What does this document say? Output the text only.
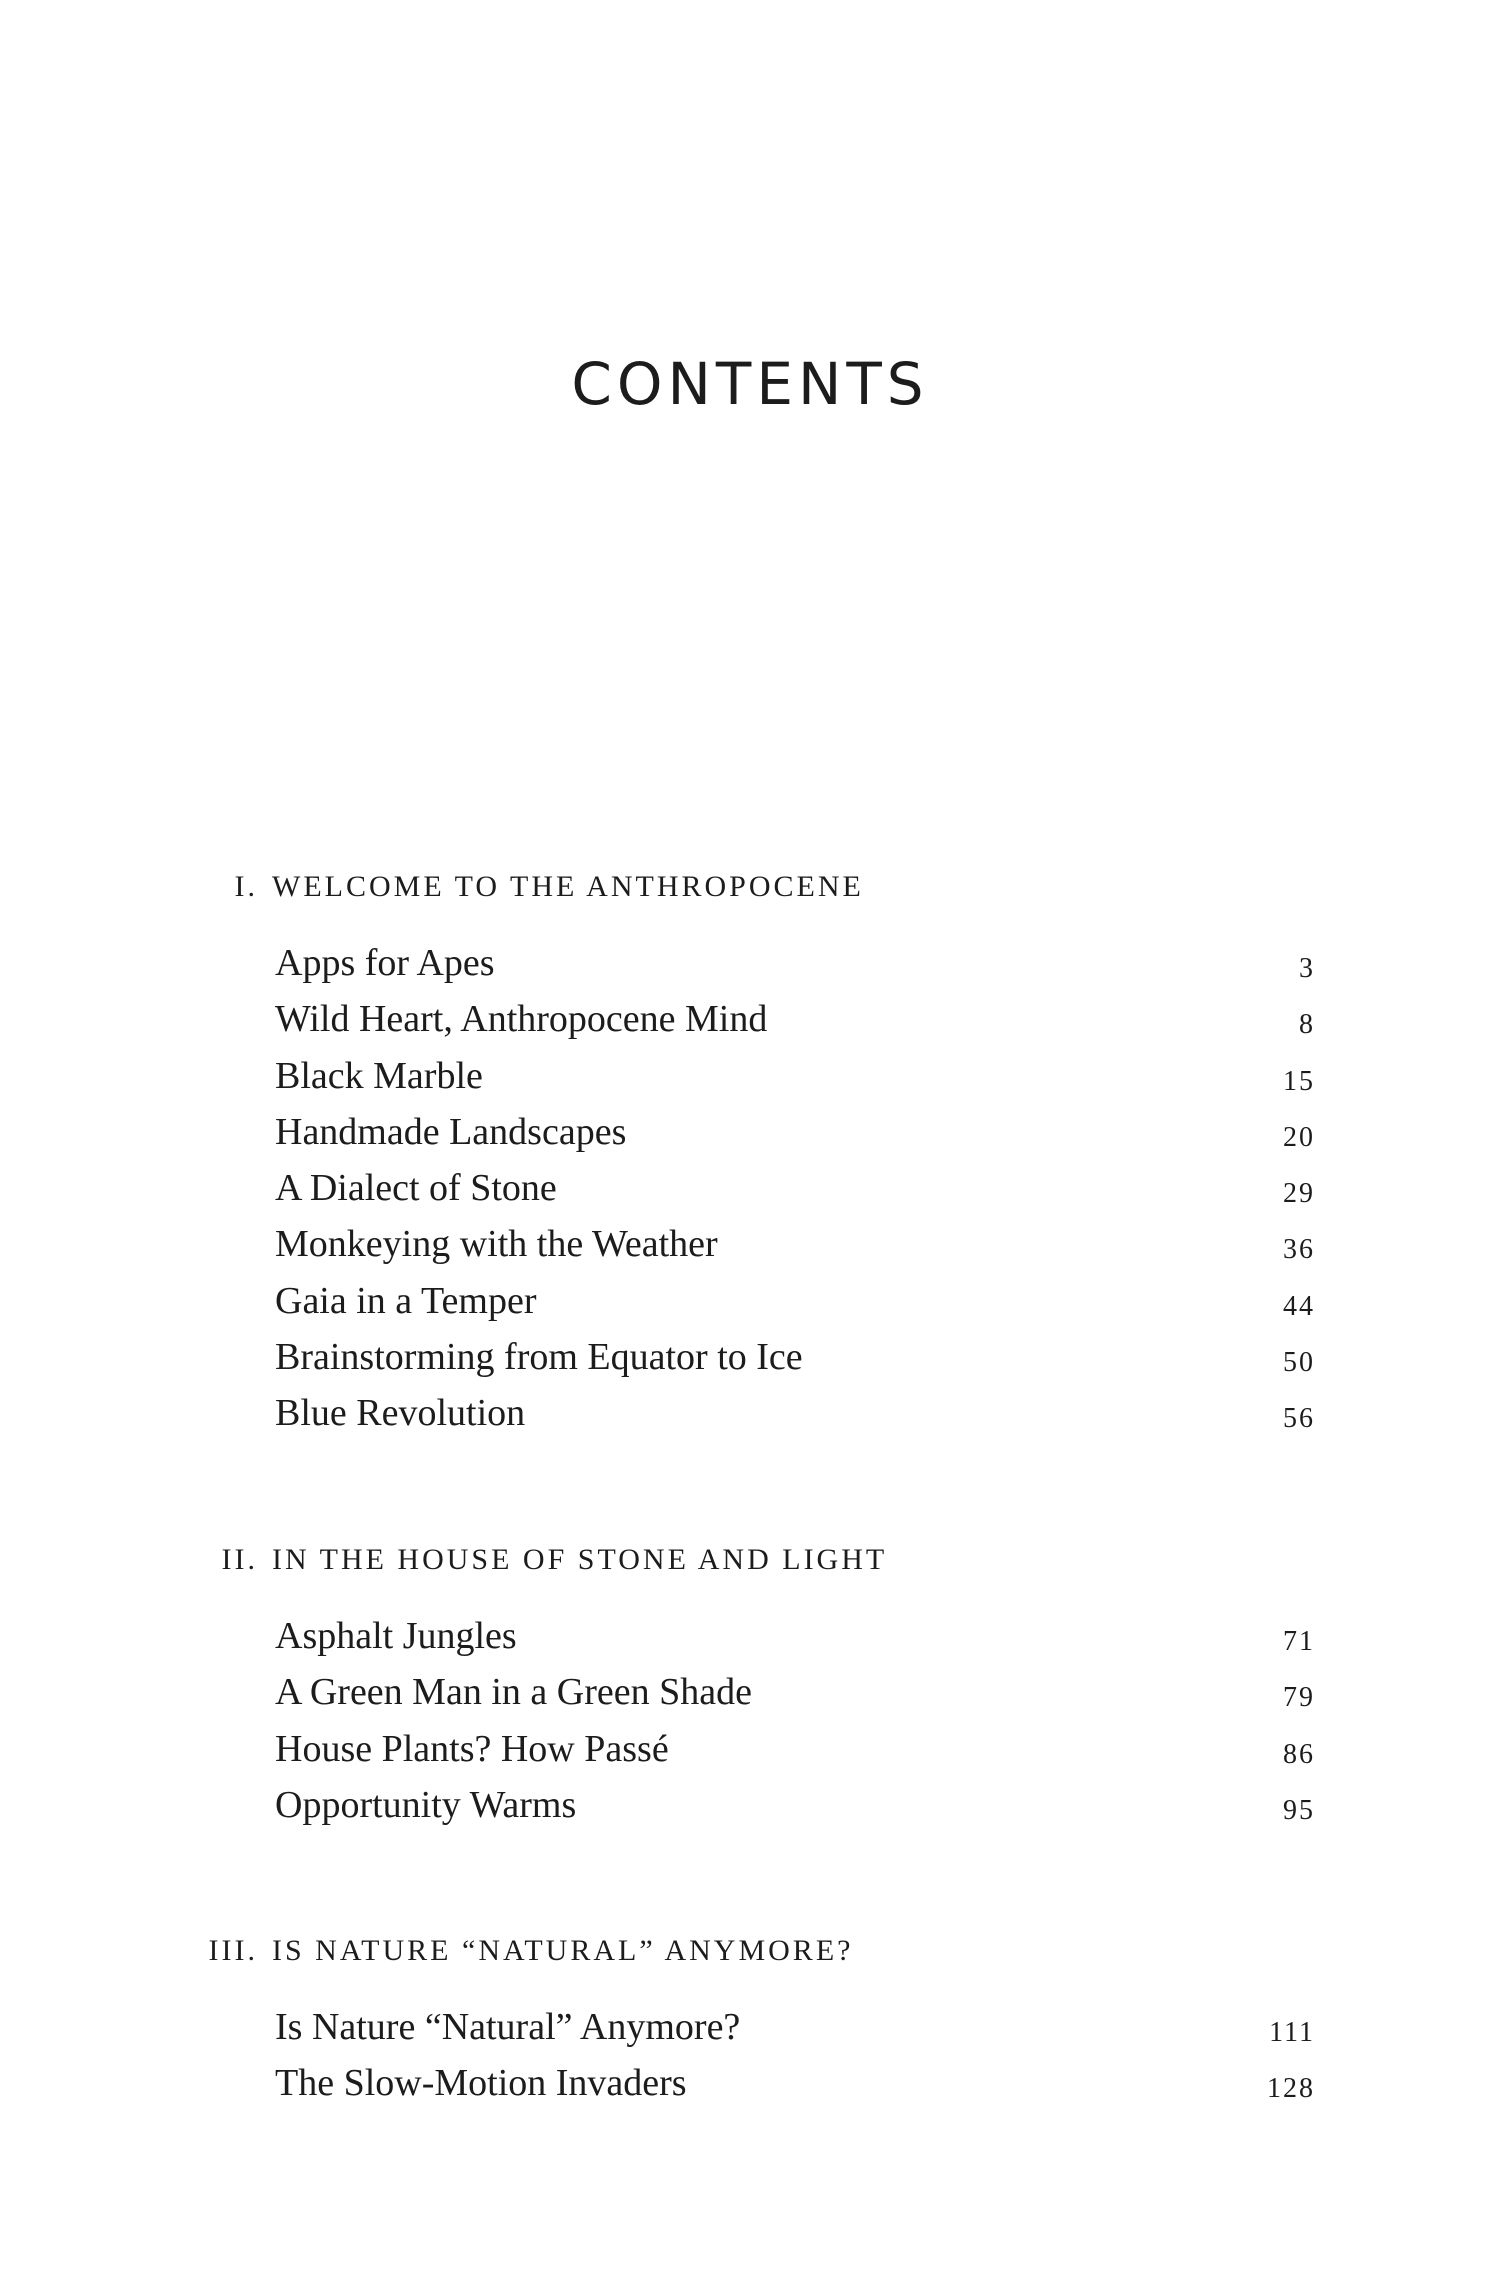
CONTENTS
I. WELCOME TO THE ANTHROPOCENE
Apps for Apes	3
Wild Heart, Anthropocene Mind	8
Black Marble	15
Handmade Landscapes	20
A Dialect of Stone	29
Monkeying with the Weather	36
Gaia in a Temper	44
Brainstorming from Equator to Ice	50
Blue Revolution	56
II. IN THE HOUSE OF STONE AND LIGHT
Asphalt Jungles	71
A Green Man in a Green Shade	79
House Plants? How Passé	86
Opportunity Warms	95
III. IS NATURE “NATURAL” ANYMORE?
Is Nature “Natural” Anymore?	111
The Slow-Motion Invaders	128
